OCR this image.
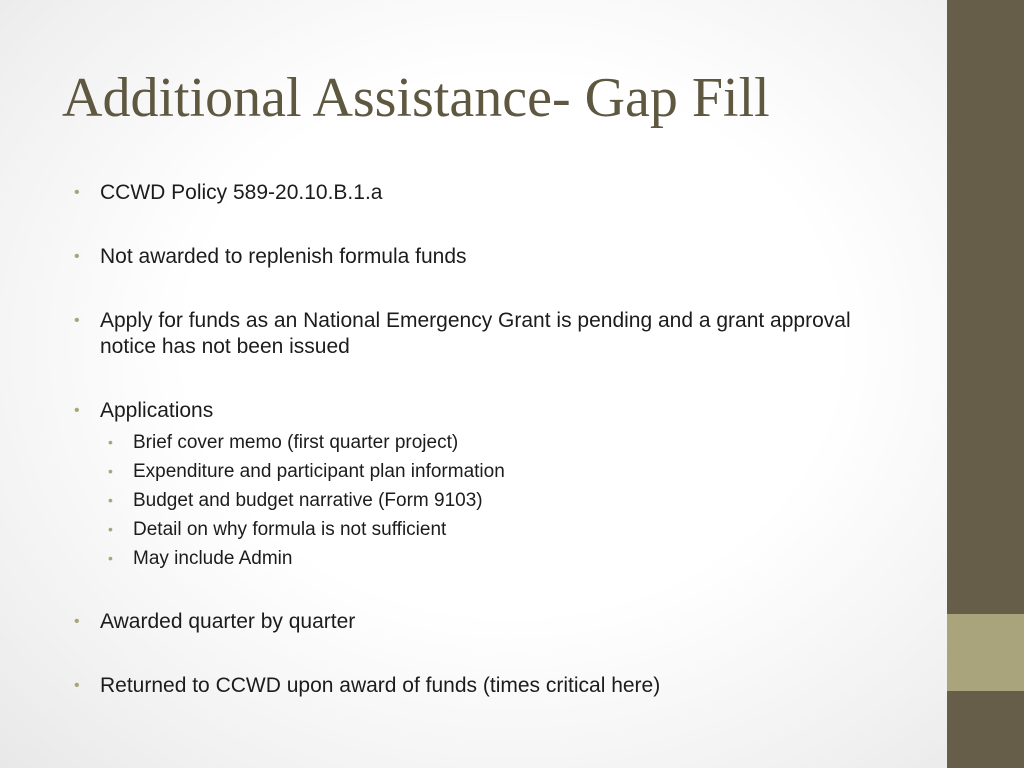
Additional Assistance- Gap Fill
• CCWD Policy 589-20.10.B.1.a
• Not awarded to replenish formula funds
• Apply for funds as an National Emergency Grant is pending and a grant approval notice has not been issued
• Applications
• Brief cover memo (first quarter project)
• Expenditure and participant plan information
• Budget and budget narrative (Form 9103)
• Detail on why formula is not sufficient
• May include Admin
• Awarded quarter by quarter
• Returned to CCWD upon award of funds (times critical here)
